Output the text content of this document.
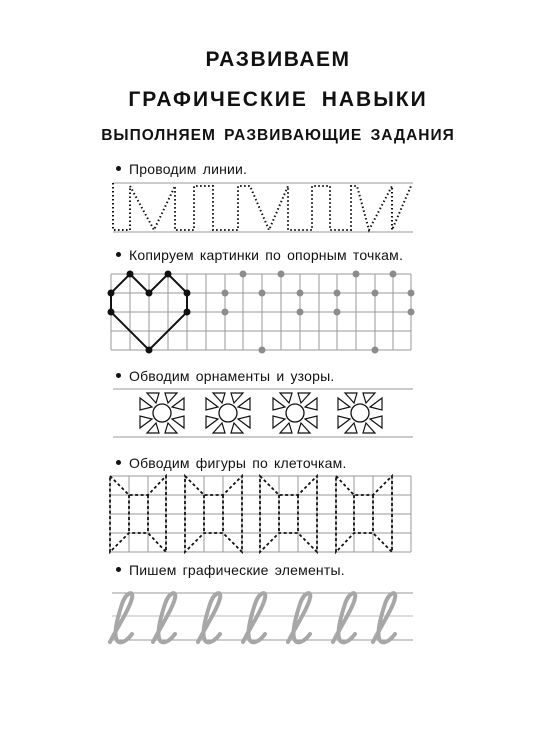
РАЗВИВАЕМ
ГРАФИЧЕСКИЕ НАВЫКИ
ВЫПОЛНЯЕМ РАЗВИВАЮЩИЕ ЗАДАНИЯ
Проводим линии.
Копируем картинки по опорным точкам.
Обводим орнаменты и узоры.
Обводим фигуры по клеточкам.
Пишем графические элементы.
